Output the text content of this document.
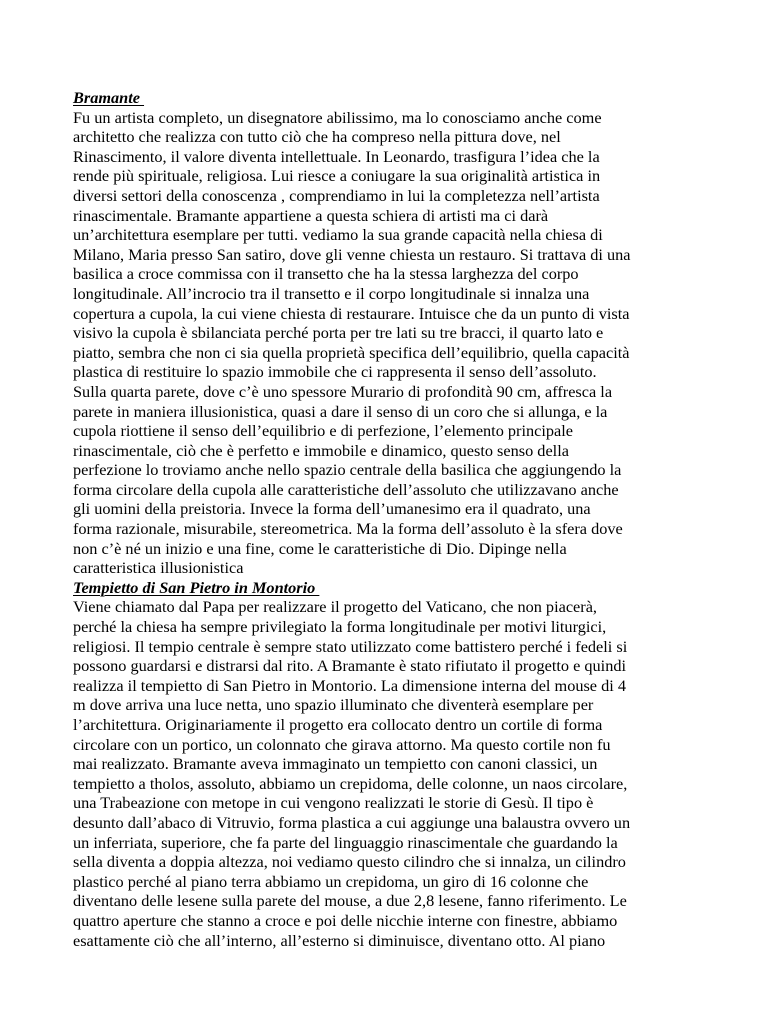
Bramante
Fu un artista completo, un disegnatore abilissimo, ma lo conosciamo anche come
architetto che realizza con tutto ciò che ha compreso nella pittura dove, nel
Rinascimento, il valore diventa intellettuale. In Leonardo, trasfigura l’idea che la
rende più spirituale, religiosa. Lui riesce a coniugare la sua originalità artistica in
diversi settori della conoscenza , comprendiamo in lui la completezza nell’artista
rinascimentale. Bramante appartiene a questa schiera di artisti ma ci darà
un’architettura esemplare per tutti. vediamo la sua grande capacità nella chiesa di
Milano, Maria presso San satiro, dove gli venne chiesta un restauro. Si trattava di una
basilica a croce commissa con il transetto che ha la stessa larghezza del corpo
longitudinale. All’incrocio tra il transetto e il corpo longitudinale si innalza una
copertura a cupola, la cui viene chiesta di restaurare. Intuisce che da un punto di vista
visivo la cupola è sbilanciata perché porta per tre lati su tre bracci, il quarto lato e
piatto, sembra che non ci sia quella proprietà specifica dell’equilibrio, quella capacità
plastica di restituire lo spazio immobile che ci rappresenta il senso dell’assoluto.
Sulla quarta parete, dove c’è uno spessore Murario di profondità 90 cm, affresca la
parete in maniera illusionistica, quasi a dare il senso di un coro che si allunga, e la
cupola riottiene il senso dell’equilibrio e di perfezione, l’elemento principale
rinascimentale, ciò che è perfetto e immobile e dinamico, questo senso della
perfezione lo troviamo anche nello spazio centrale della basilica che aggiungendo la
forma circolare della cupola alle caratteristiche dell’assoluto che utilizzavano anche
gli uomini della preistoria. Invece la forma dell’umanesimo era il quadrato, una
forma razionale, misurabile, stereometrica. Ma la forma dell’assoluto è la sfera dove
non c’è né un inizio e una fine, come le caratteristiche di Dio. Dipinge nella
caratteristica illusionistica
Tempietto di San Pietro in Montorio
Viene chiamato dal Papa per realizzare il progetto del Vaticano, che non piacerà,
perché la chiesa ha sempre privilegiato la forma longitudinale per motivi liturgici,
religiosi. Il tempio centrale è sempre stato utilizzato come battistero perché i fedeli si
possono guardarsi e distrarsi dal rito. A Bramante è stato rifiutato il progetto e quindi
realizza il tempietto di San Pietro in Montorio. La dimensione interna del mouse di 4
m dove arriva una luce netta, uno spazio illuminato che diventerà esemplare per
l’architettura. Originariamente il progetto era collocato dentro un cortile di forma
circolare con un portico, un colonnato che girava attorno. Ma questo cortile non fu
mai realizzato. Bramante aveva immaginato un tempietto con canoni classici, un
tempietto a tholos, assoluto, abbiamo un crepidoma, delle colonne, un naos circolare,
una Trabeazione con metope in cui vengono realizzati le storie di Gesù. Il tipo è
desunto dall’abaco di Vitruvio, forma plastica a cui aggiunge una balaustra ovvero un
un inferriata, superiore, che fa parte del linguaggio rinascimentale che guardando la
sella diventa a doppia altezza, noi vediamo questo cilindro che si innalza, un cilindro
plastico perché al piano terra abbiamo un crepidoma, un giro di 16 colonne che
diventano delle lesene sulla parete del mouse, a due 2,8 lesene, fanno riferimento. Le
quattro aperture che stanno a croce e poi delle nicchie interne con finestre, abbiamo
esattamente ciò che all’interno, all’esterno si diminuisce, diventano otto. Al piano
